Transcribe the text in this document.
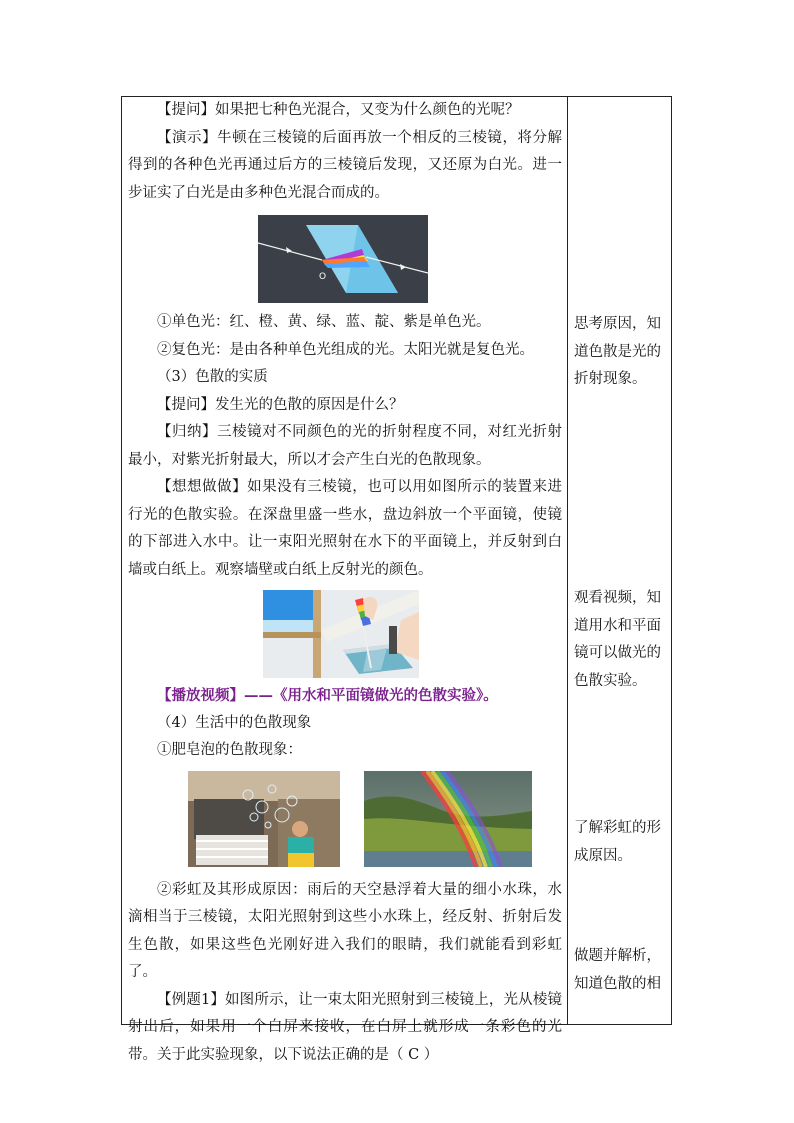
【提问】如果把七种色光混合，又变为什么颜色的光呢？

【演示】牛顿在三棱镜的后面再放一个相反的三棱镜，将分解得到的各种色光再通过后方的三棱镜后发现，又还原为白光。进一步证实了白光是由多种色光混合而成的。

O

①单色光：红、橙、黄、绿、蓝、靛、紫是单色光。

②复色光：是由各种单色光组成的光。太阳光就是复色光。

（3）色散的实质

【提问】发生光的色散的原因是什么？

【归纳】三棱镜对不同颜色的光的折射程度不同，对红光折射最小，对紫光折射最大，所以才会产生白光的色散现象。

【想想做做】如果没有三棱镜，也可以用如图所示的装置来进行光的色散实验。在深盘里盛一些水，盘边斜放一个平面镜，使镜的下部进入水中。让一束阳光照射在水下的平面镜上，并反射到白墙或白纸上。观察墙壁或白纸上反射光的颜色。

【播放视频】——《用水和平面镜做光的色散实验》。

（4）生活中的色散现象

①肥皂泡的色散现象：

②彩虹及其形成原因：雨后的天空悬浮着大量的细小水珠，水滴相当于三棱镜，太阳光照射到这些小水珠上，经反射、折射后发生色散，如果这些色光刚好进入我们的眼睛，我们就能看到彩虹了。

【例题1】如图所示，让一束太阳光照射到三棱镜上，光从棱镜射出后，如果用一个白屏来接收，在白屏上就形成一条彩色的光带。关于此实验现象，以下说法正确的是（ C ）

思考原因，知
道色散是光的
折射现象。
观看视频，知
道用水和平面
镜可以做光的
色散实验。
了解彩虹的形
成原因。
做题并解析，
知道色散的相
